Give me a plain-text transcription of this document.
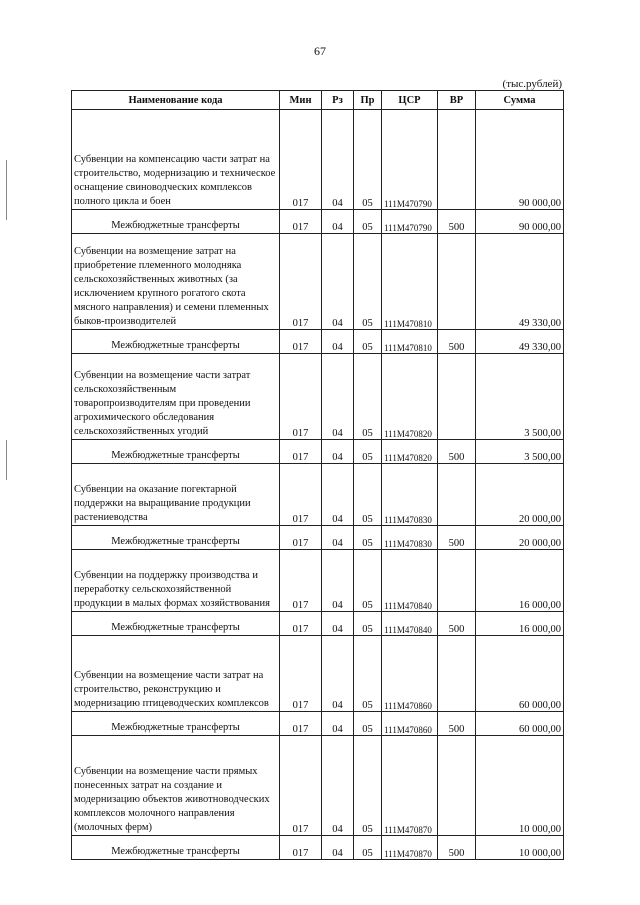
67
(тыс.рублей)
Наименование кода	Мин	Рз	Пр	ЦСР	ВР	Сумма
Субвенции на компенсацию части затрат на строительство, модернизацию и техническое оснащение свиноводческих комплексов полного цикла и боен	017	04	05	111М470790		90 000,00
Межбюджетные трансферты	017	04	05	111М470790	500	90 000,00
Субвенции на возмещение затрат на приобретение племенного молодняка сельскохозяйственных животных (за исключением крупного рогатого скота мясного направления) и семени племенных быков-производителей	017	04	05	111М470810		49 330,00
Межбюджетные трансферты	017	04	05	111М470810	500	49 330,00
Субвенции на возмещение части затрат сельскохозяйственным товаропроизводителям при проведении агрохимического обследования сельскохозяйственных угодий	017	04	05	111М470820		3 500,00
Межбюджетные трансферты	017	04	05	111М470820	500	3 500,00
Субвенции на оказание погектарной поддержки на выращивание продукции растениеводства	017	04	05	111М470830		20 000,00
Межбюджетные трансферты	017	04	05	111М470830	500	20 000,00
Субвенции на поддержку производства и переработку сельскохозяйственной продукции в малых формах хозяйствования	017	04	05	111М470840		16 000,00
Межбюджетные трансферты	017	04	05	111М470840	500	16 000,00
Субвенции на возмещение части затрат на строительство, реконструкцию и модернизацию птицеводческих комплексов	017	04	05	111М470860		60 000,00
Межбюджетные трансферты	017	04	05	111М470860	500	60 000,00
Субвенции на возмещение части прямых понесенных затрат на создание и модернизацию объектов животноводческих комплексов молочного направления (молочных ферм)	017	04	05	111М470870		10 000,00
Межбюджетные трансферты	017	04	05	111М470870	500	10 000,00
